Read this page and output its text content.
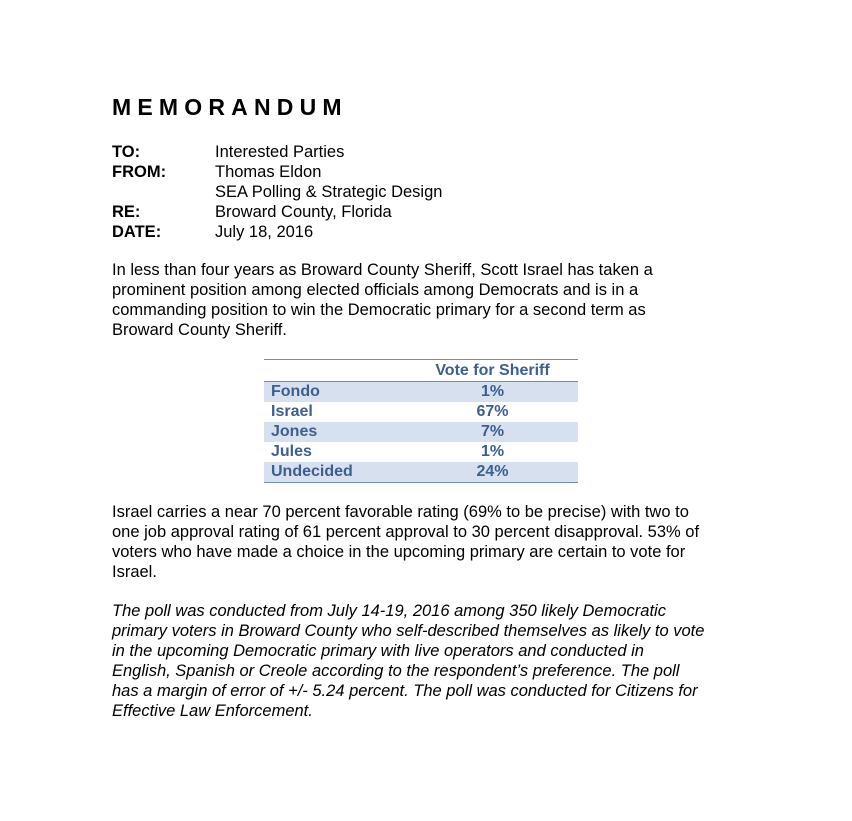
MEMORANDUM
TO:	Interested Parties
FROM:	Thomas Eldon
SEA Polling & Strategic Design
RE:	Broward County, Florida
DATE:	July 18, 2016
In less than four years as Broward County Sheriff, Scott Israel has taken a
prominent position among elected officials among Democrats and is in a
commanding position to win the Democratic primary for a second term as
Broward County Sheriff.
	Vote for Sheriff
Fondo	1%
Israel	67%
Jones	7%
Jules	1%
Undecided	24%
Israel carries a near 70 percent favorable rating (69% to be precise) with two to
one job approval rating of 61 percent approval to 30 percent disapproval. 53% of
voters who have made a choice in the upcoming primary are certain to vote for
Israel.
The poll was conducted from July 14-19, 2016 among 350 likely Democratic
primary voters in Broward County who self-described themselves as likely to vote
in the upcoming Democratic primary with live operators and conducted in
English, Spanish or Creole according to the respondent’s preference. The poll
has a margin of error of +/- 5.24 percent. The poll was conducted for Citizens for
Effective Law Enforcement.
